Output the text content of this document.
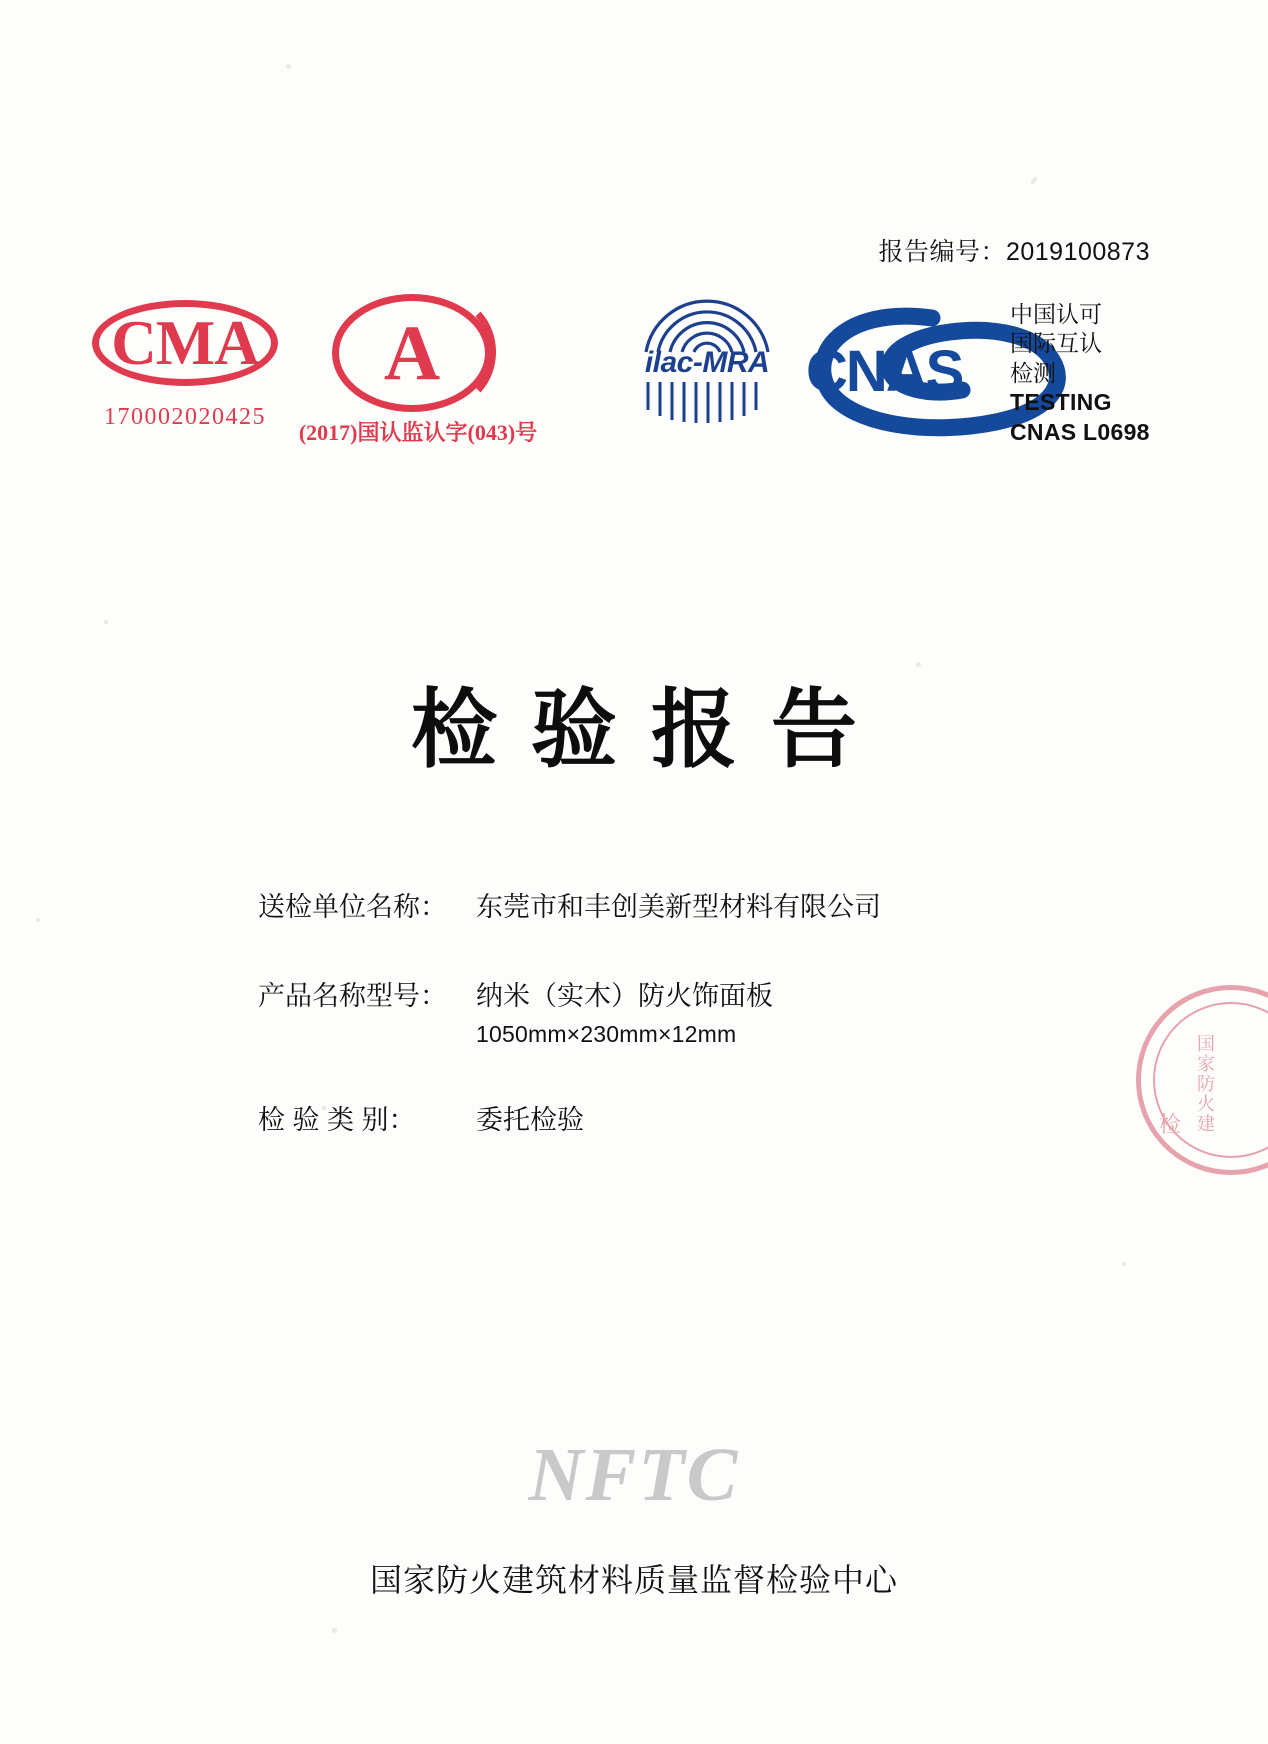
报告编号：2019100873
CMA
170002020425
A
(2017)国认监认字(043)号
ilac-MRA CNAS
中国认可
国际互认
检测
TESTING
CNAS L0698
检验报告
送检单位名称：	东莞市和丰创美新型材料有限公司
产品名称型号：	纳米（实木）防火饰面板
1050mm×230mm×12mm
检 验 类 别：	委托检验	国家防火建
检
NFTC
国家防火建筑材料质量监督检验中心
